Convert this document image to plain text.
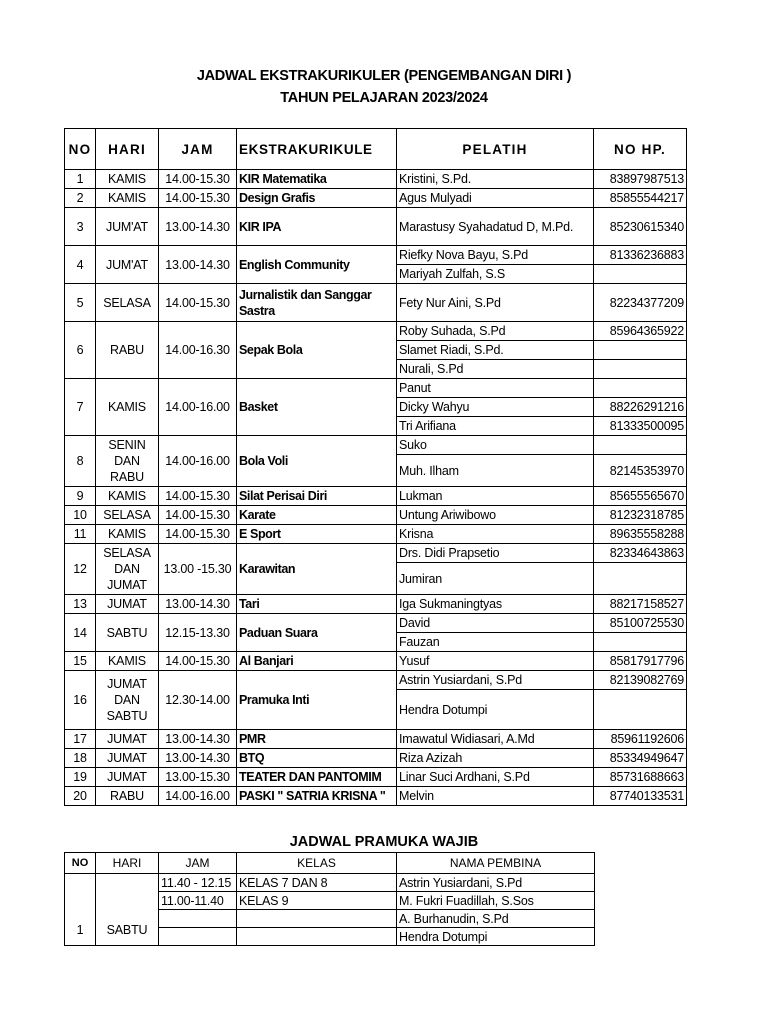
JADWAL EKSTRAKURIKULER (PENGEMBANGAN DIRI )
TAHUN PELAJARAN 2023/2024
NO	HARI	JAM	EKSTRAKURIKULE	PELATIH	NO HP.
1	KAMIS	14.00-15.30	KIR Matematika	Kristini, S.Pd.	83897987513
2	KAMIS	14.00-15.30	Design Grafis	Agus Mulyadi	85855544217
3	JUM'AT	13.00-14.30	KIR IPA	Marastusy Syahadatud D, M.Pd.	85230615340
4	JUM'AT	13.00-14.30	English Community	Riefky Nova Bayu, S.Pd	81336236883
				Mariyah Zulfah, S.S	
5	SELASA	14.00-15.30	Jurnalistik dan Sanggar Sastra	Fety Nur Aini, S.Pd	82234377209
6	RABU	14.00-16.30	Sepak Bola	Roby Suhada, S.Pd	85964365922
				Slamet Riadi, S.Pd.	
				Nurali, S.Pd	
7	KAMIS	14.00-16.00	Basket	Panut	
				Dicky Wahyu	88226291216
				Tri Arifiana	81333500095
8	SENIN DAN RABU	14.00-16.00	Bola Voli	Suko	
				Muh. Ilham	82145353970
9	KAMIS	14.00-15.30	Silat Perisai Diri	Lukman	85655565670
10	SELASA	14.00-15.30	Karate	Untung Ariwibowo	81232318785
11	KAMIS	14.00-15.30	E Sport	Krisna	89635558288
12	SELASA DAN JUMAT	13.00 -15.30	Karawitan	Drs. Didi Prapsetio	82334643863
				Jumiran	
13	JUMAT	13.00-14.30	Tari	Iga Sukmaningtyas	88217158527
14	SABTU	12.15-13.30	Paduan Suara	David	85100725530
				Fauzan	
15	KAMIS	14.00-15.30	Al Banjari	Yusuf	85817917796
16	JUMAT DAN SABTU	12.30-14.00	Pramuka Inti	Astrin Yusiardani, S.Pd	82139082769
				Hendra Dotumpi	
17	JUMAT	13.00-14.30	PMR	Imawatul Widiasari, A.Md	85961192606
18	JUMAT	13.00-14.30	BTQ	Riza Azizah	85334949647
19	JUMAT	13.00-15.30	TEATER DAN PANTOMIM	Linar Suci Ardhani, S.Pd	85731688663
20	RABU	14.00-16.00	PASKI " SATRIA KRISNA "	Melvin	87740133531
JADWAL PRAMUKA WAJIB
NO	HARI	JAM	KELAS	NAMA PEMBINA
1	SABTU	11.40 - 12.15	KELAS 7 DAN 8	Astrin Yusiardani, S.Pd
		11.00-11.40	KELAS 9	M. Fukri Fuadillah, S.Sos
				A. Burhanudin, S.Pd
				Hendra Dotumpi
